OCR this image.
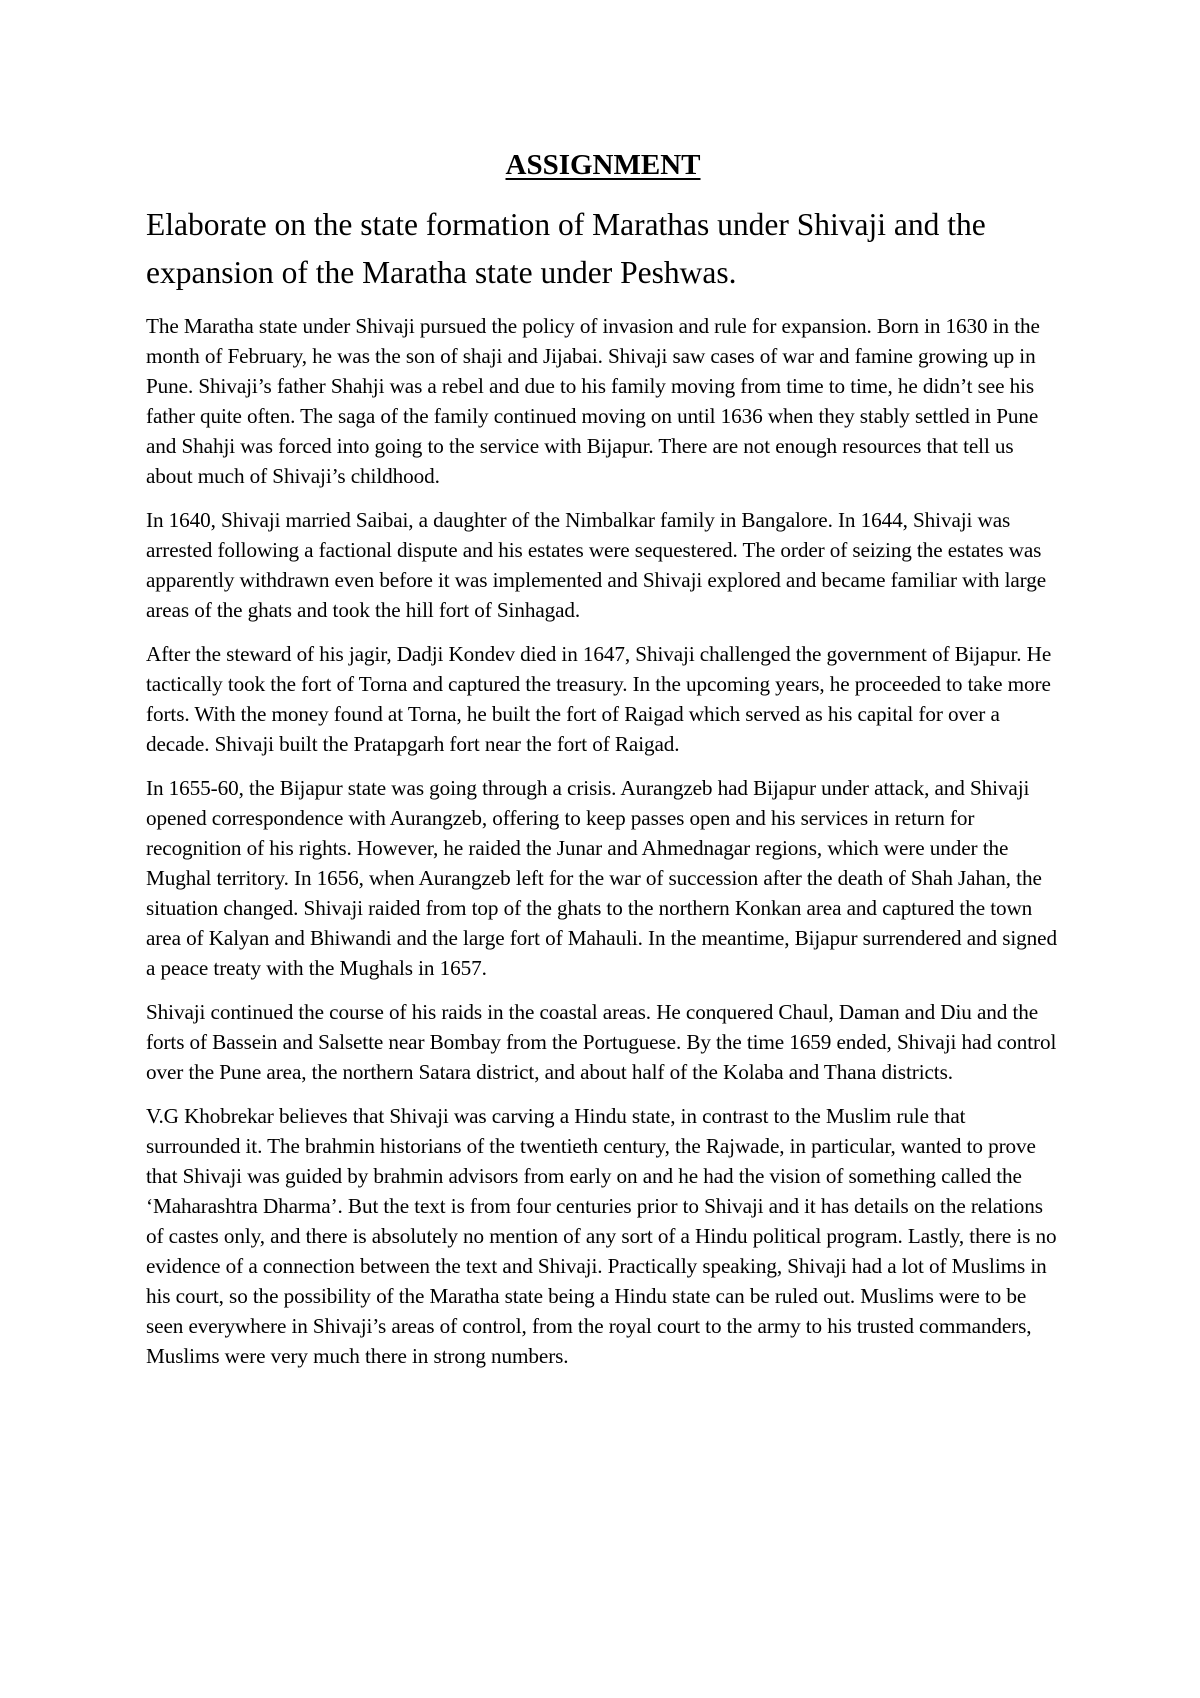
ASSIGNMENT
Elaborate on the state formation of Marathas under Shivaji and the expansion of the Maratha state under Peshwas.

The Maratha state under Shivaji pursued the policy of invasion and rule for expansion. Born in 1630 in the month of February, he was the son of shaji and Jijabai. Shivaji saw cases of war and famine growing up in Pune. Shivaji’s father Shahji was a rebel and due to his family moving from time to time, he didn’t see his father quite often. The saga of the family continued moving on until 1636 when they stably settled in Pune and Shahji was forced into going to the service with Bijapur. There are not enough resources that tell us about much of Shivaji’s childhood.

In 1640, Shivaji married Saibai, a daughter of the Nimbalkar family in Bangalore. In 1644, Shivaji was arrested following a factional dispute and his estates were sequestered. The order of seizing the estates was apparently withdrawn even before it was implemented and Shivaji explored and became familiar with large areas of the ghats and took the hill fort of Sinhagad.

After the steward of his jagir, Dadji Kondev died in 1647, Shivaji challenged the government of Bijapur. He tactically took the fort of Torna and captured the treasury. In the upcoming years, he proceeded to take more forts. With the money found at Torna, he built the fort of Raigad which served as his capital for over a decade. Shivaji built the Pratapgarh fort near the fort of Raigad.

In 1655-60, the Bijapur state was going through a crisis. Aurangzeb had Bijapur under attack, and Shivaji opened correspondence with Aurangzeb, offering to keep passes open and his services in return for recognition of his rights. However, he raided the Junar and Ahmednagar regions, which were under the Mughal territory. In 1656, when Aurangzeb left for the war of succession after the death of Shah Jahan, the situation changed. Shivaji raided from top of the ghats to the northern Konkan area and captured the town area of Kalyan and Bhiwandi and the large fort of Mahauli. In the meantime, Bijapur surrendered and signed a peace treaty with the Mughals in 1657.

Shivaji continued the course of his raids in the coastal areas. He conquered Chaul, Daman and Diu and the forts of Bassein and Salsette near Bombay from the Portuguese. By the time 1659 ended, Shivaji had control over the Pune area, the northern Satara district, and about half of the Kolaba and Thana districts.

V.G Khobrekar believes that Shivaji was carving a Hindu state, in contrast to the Muslim rule that surrounded it. The brahmin historians of the twentieth century, the Rajwade, in particular, wanted to prove that Shivaji was guided by brahmin advisors from early on and he had the vision of something called the ‘Maharashtra Dharma’. But the text is from four centuries prior to Shivaji and it has details on the relations of castes only, and there is absolutely no mention of any sort of a Hindu political program. Lastly, there is no evidence of a connection between the text and Shivaji. Practically speaking, Shivaji had a lot of Muslims in his court, so the possibility of the Maratha state being a Hindu state can be ruled out. Muslims were to be seen everywhere in Shivaji’s areas of control, from the royal court to the army to his trusted commanders, Muslims were very much there in strong numbers.
